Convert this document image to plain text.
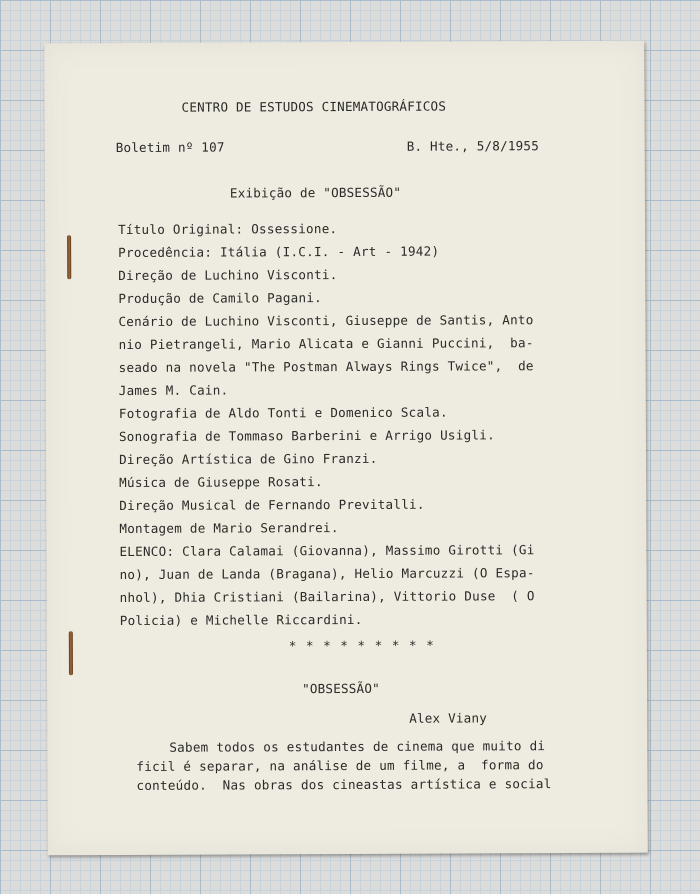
CENTRO DE ESTUDOS CINEMATOGRÁFICOS
Boletim nº 107	B. Hte., 5/8/1955
Exibição de "OBSESSÃO"
Título Original: Ossessione.
Procedência: Itália (I.C.I. - Art - 1942)
Direção de Luchino Visconti.
Produção de Camilo Pagani.
Cenário de Luchino Visconti, Giuseppe de Santis, Anto
nio Pietrangeli, Mario Alicata e Gianni Puccini,  ba-
seado na novela "The Postman Always Rings Twice",  de
James M. Cain.
Fotografia de Aldo Tonti e Domenico Scala.
Sonografia de Tommaso Barberini e Arrigo Usigli.
Direção Artística de Gino Franzi.
Música de Giuseppe Rosati.
Direção Musical de Fernando Previtalli.
Montagem de Mario Serandrei.
ELENCO: Clara Calamai (Giovanna), Massimo Girotti (Gi
no), Juan de Landa (Bragana), Helio Marcuzzi (O Espa-
nhol), Dhia Cristiani (Bailarina), Vittorio Duse  ( O
Policia) e Michelle Riccardini.
* * * * * * * * *
"OBSESSÃO"
Alex Viany
Sabem todos os estudantes de cinema que muito di
ficil é separar, na análise de um filme, a  forma do
conteúdo.  Nas obras dos cineastas artística e social
